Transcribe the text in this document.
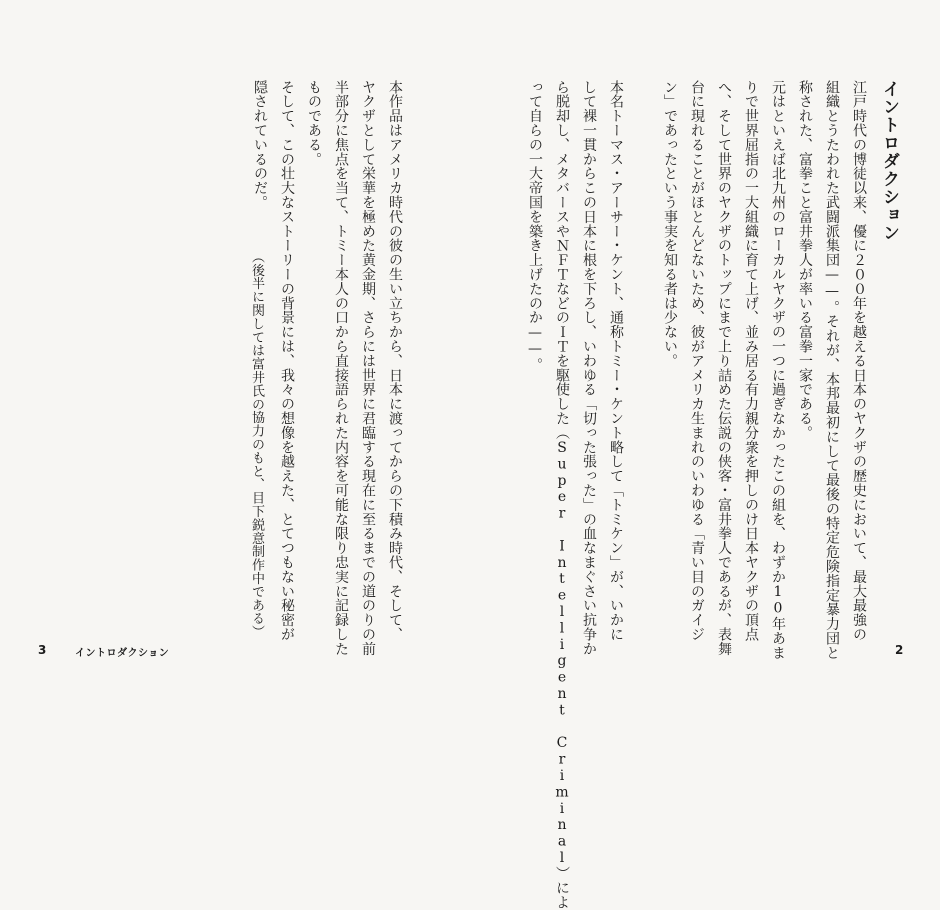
イントロダクション
江戸時代の博徒以来、優に２００年を越える日本のヤクザの歴史において、最大最強の
組織とうたわれた武闘派集団——。それが、本邦最初にして最後の特定危険指定暴力団と
称された、富拳こと富井拳人が率いる富拳一家である。
元はといえば北九州のローカルヤクザの一つに過ぎなかったこの組を、わずか10年あま
りで世界屈指の一大組織に育て上げ、並み居る有力親分衆を押しのけ日本ヤクザの頂点
へ、そして世界のヤクザのトップにまで上り詰めた伝説の侠客・富井拳人であるが、表舞
台に現れることがほとんどないため、彼がアメリカ生まれのいわゆる「青い目のガイジ
ン」であったという事実を知る者は少ない。

本名トーマス・アーサー・ケント、通称トミー・ケント略して「トミケン」が、いかに
して裸一貫からこの日本に根を下ろし、いわゆる「切った張った」の血なまぐさい抗争か
ら脱却し、メタバースやＮＦＴなどのＩＴを駆使した（Super Intelligent Criminal）によ
って自らの一大帝国を築き上げたのか——。
本作品はアメリカ時代の彼の生い立ちから、日本に渡ってからの下積み時代、そして、
ヤクザとして栄華を極めた黄金期、さらには世界に君臨する現在に至るまでの道のりの前
半部分に焦点を当て、トミー本人の口から直接語られた内容を可能な限り忠実に記録した
ものである。
そして、この壮大なストーリーの背景には、我々の想像を越えた、とてつもない秘密が
隠されているのだ。
（後半に関しては富井氏の協力のもと、目下鋭意制作中である）
3	イントロダクション	2
